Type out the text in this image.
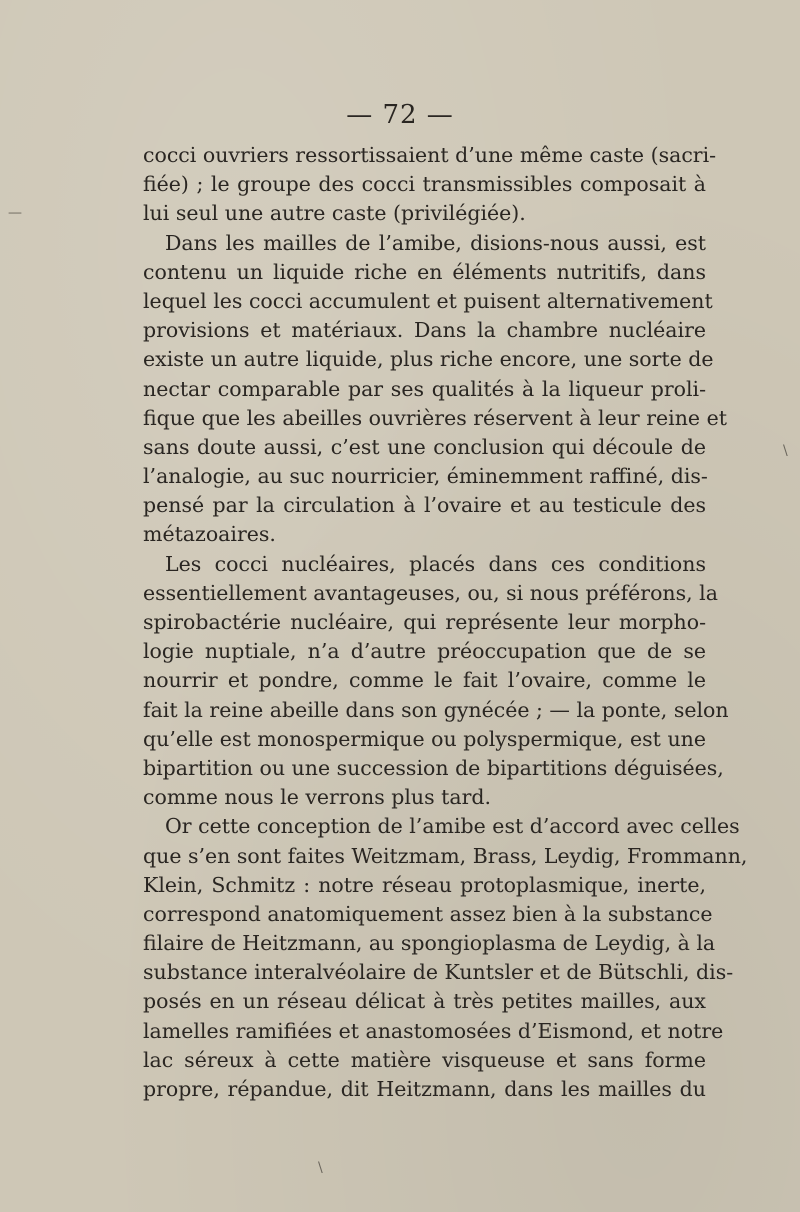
— 72 —
cocci ouvriers ressortissaient d’une même caste (sacri-
fiée) ; le groupe des cocci transmissibles composait à
lui seul une autre caste (privilégiée).
Dans les mailles de l’amibe, disions-nous aussi, est
contenu un liquide riche en éléments nutritifs, dans
lequel les cocci accumulent et puisent alternativement
provisions et matériaux. Dans la chambre nucléaire
existe un autre liquide, plus riche encore, une sorte de
nectar comparable par ses qualités à la liqueur proli-
fique que les abeilles ouvrières réservent à leur reine et
sans doute aussi, c’est une conclusion qui découle de
l’analogie, au suc nourricier, éminemment raffiné, dis-
pensé par la circulation à l’ovaire et au testicule des
métazoaires.
Les cocci nucléaires, placés dans ces conditions
essentiellement avantageuses, ou, si nous préférons, la
spirobactérie nucléaire, qui représente leur morpho-
logie nuptiale, n’a d’autre préoccupation que de se
nourrir et pondre, comme le fait l’ovaire, comme le
fait la reine abeille dans son gynécée ; — la ponte, selon
qu’elle est monospermique ou polyspermique, est une
bipartition ou une succession de bipartitions déguisées,
comme nous le verrons plus tard.
Or cette conception de l’amibe est d’accord avec celles
que s’en sont faites Weitzmam, Brass, Leydig, Frommann,
Klein, Schmitz : notre réseau protoplasmique, inerte,
correspond anatomiquement assez bien à la substance
filaire de Heitzmann, au spongioplasma de Leydig, à la
substance interalvéolaire de Kuntsler et de Bütschli, dis-
posés en un réseau délicat à très petites mailles, aux
lamelles ramifiées et anastomosées d’Eismond, et notre
lac séreux à cette matière visqueuse et sans forme
propre, répandue, dit Heitzmann, dans les mailles du
—
\
\
